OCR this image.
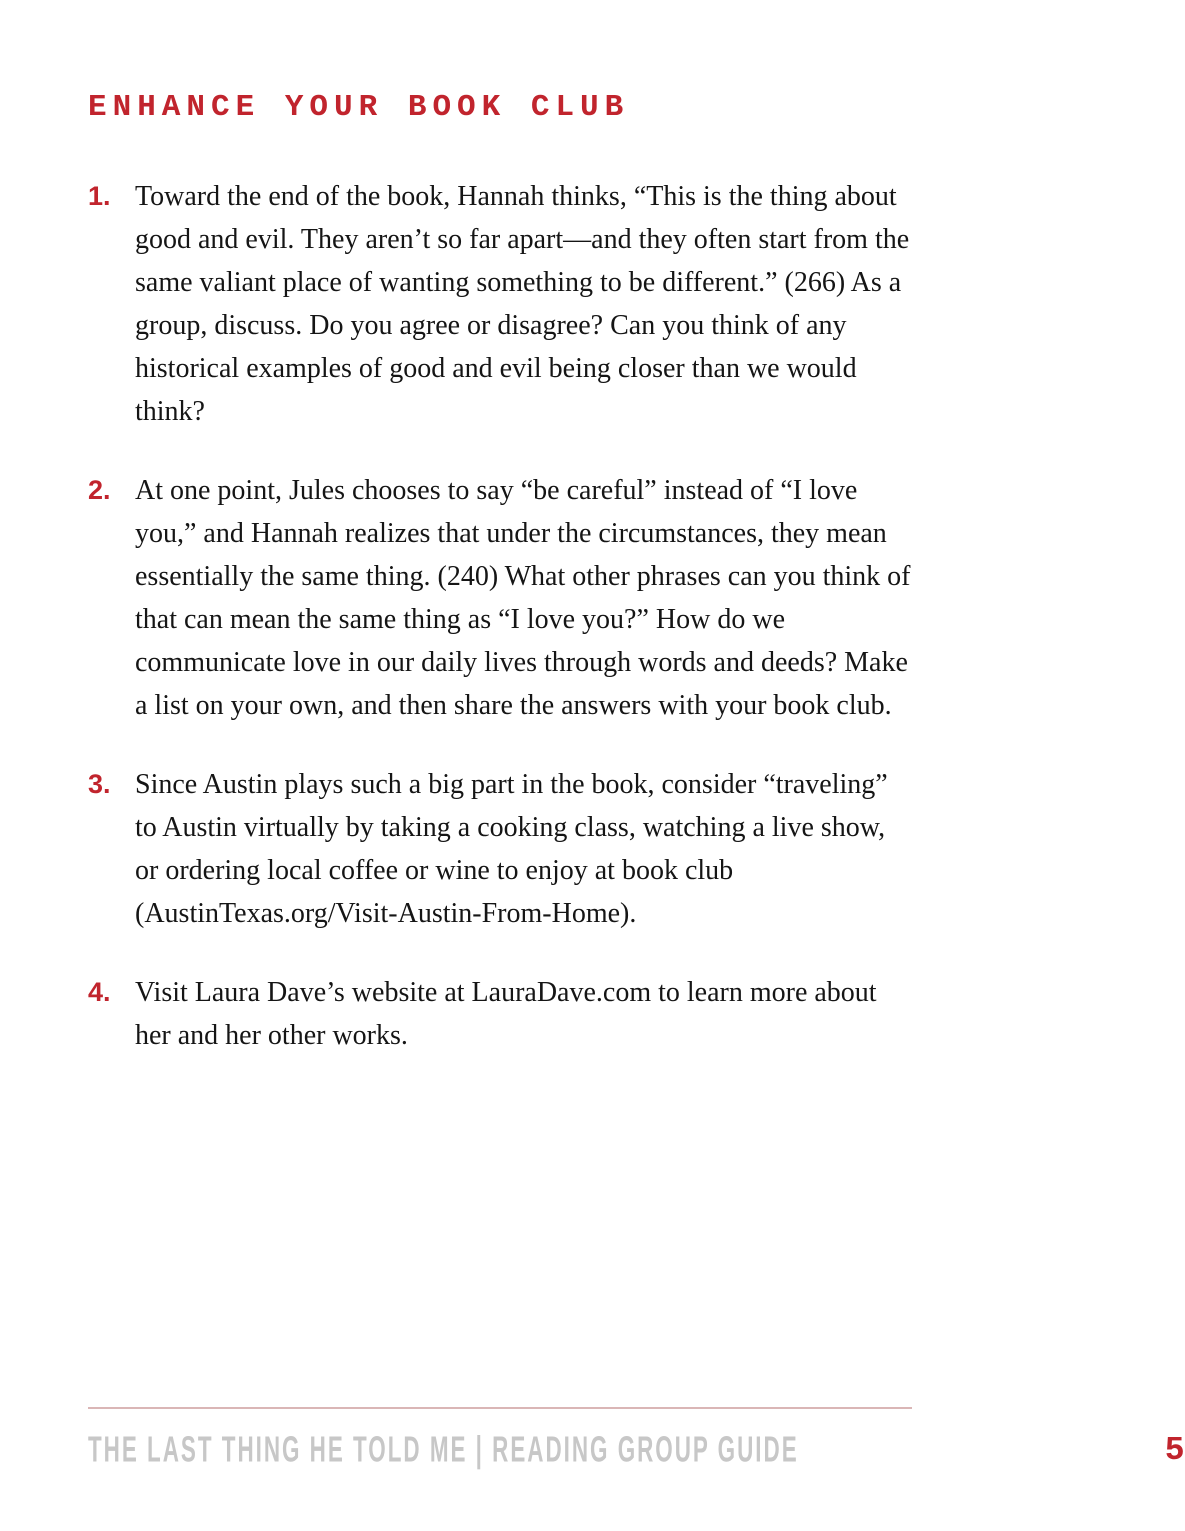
ENHANCE YOUR BOOK CLUB
1. Toward the end of the book, Hannah thinks, “This is the thing about good and evil. They aren’t so far apart—and they often start from the same valiant place of wanting something to be different.” (266) As a group, discuss. Do you agree or disagree? Can you think of any historical examples of good and evil being closer than we would think?
2. At one point, Jules chooses to say “be careful” instead of “I love you,” and Hannah realizes that under the circumstances, they mean essentially the same thing. (240) What other phrases can you think of that can mean the same thing as “I love you?” How do we communicate love in our daily lives through words and deeds? Make a list on your own, and then share the answers with your book club.
3. Since Austin plays such a big part in the book, consider “traveling” to Austin virtually by taking a cooking class, watching a live show, or ordering local coffee or wine to enjoy at book club (AustinTexas.org/Visit-Austin-From-Home).
4. Visit Laura Dave’s website at LauraDave.com to learn more about her and her other works.
THE LAST THING HE TOLD ME | READING GROUP GUIDE	5
